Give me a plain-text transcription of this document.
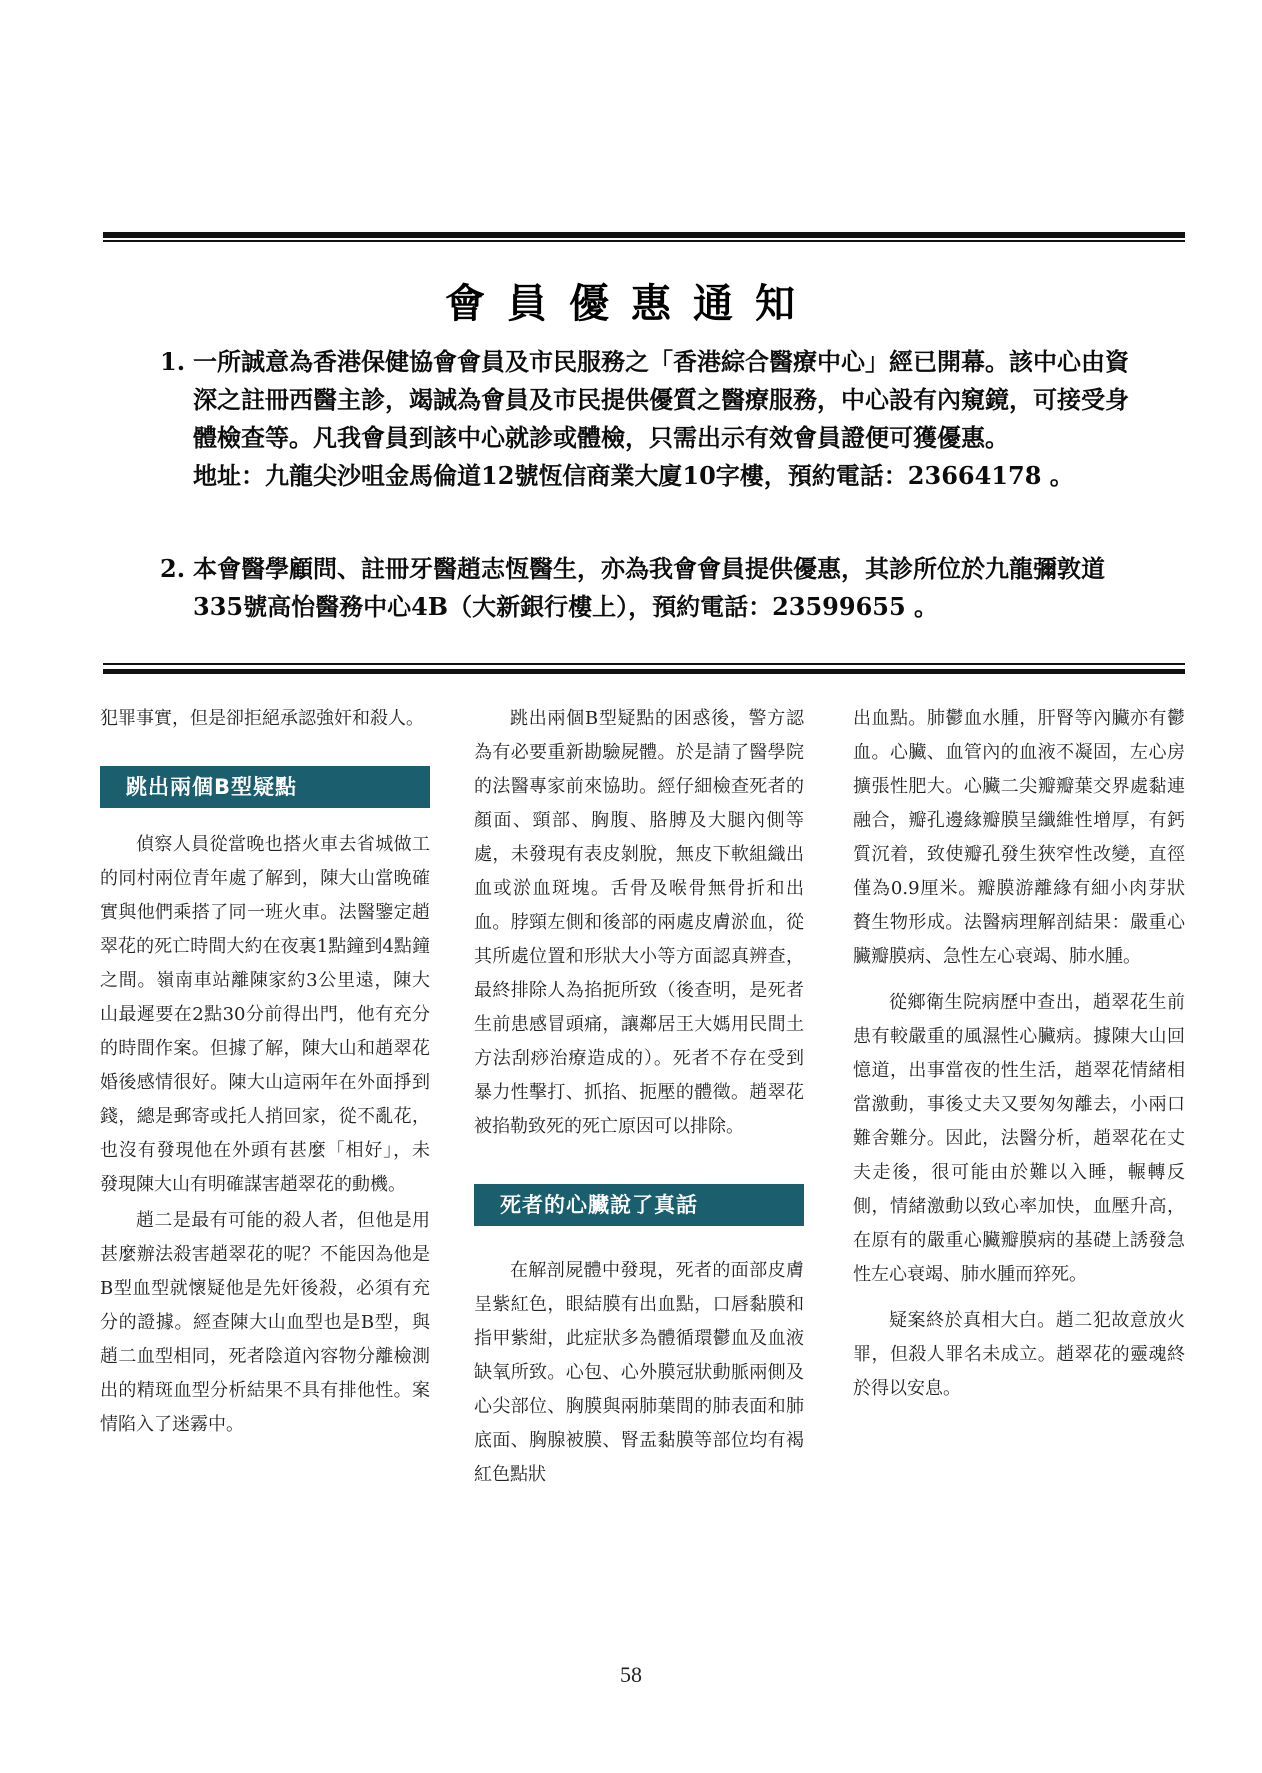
會員優惠通知
1. 一所誠意為香港保健協會會員及市民服務之「香港綜合醫療中心」經已開幕。該中心由資深之註冊西醫主診，竭誠為會員及市民提供優質之醫療服務，中心設有內窺鏡，可接受身體檢查等。凡我會員到該中心就診或體檢，只需出示有效會員證便可獲優惠。
地址：九龍尖沙咀金馬倫道12號恆信商業大廈10字樓，預約電話：23664178 。
2. 本會醫學顧問、註冊牙醫趙志恆醫生，亦為我會會員提供優惠，其診所位於九龍彌敦道335號高怡醫務中心4B（大新銀行樓上），預約電話：23599655 。

犯罪事實，但是卻拒絕承認強奸和殺人。

跳出兩個B型疑點

偵察人員從當晚也搭火車去省城做工的同村兩位青年處了解到，陳大山當晚確實與他們乘搭了同一班火車。法醫鑒定趙翠花的死亡時間大約在夜裏1點鐘到4點鐘之間。嶺南車站離陳家約3公里遠，陳大山最遲要在2點30分前得出門，他有充分的時間作案。但據了解，陳大山和趙翠花婚後感情很好。陳大山這兩年在外面掙到錢，總是郵寄或托人捎回家，從不亂花，也沒有發現他在外頭有甚麼「相好」，未發現陳大山有明確謀害趙翠花的動機。

趙二是最有可能的殺人者，但他是用甚麼辦法殺害趙翠花的呢？不能因為他是B型血型就懷疑他是先奸後殺，必須有充分的證據。經查陳大山血型也是B型，與趙二血型相同，死者陰道內容物分離檢測出的精斑血型分析結果不具有排他性。案情陷入了迷霧中。

跳出兩個B型疑點的困惑後，警方認為有必要重新勘驗屍體。於是請了醫學院的法醫專家前來協助。經仔細檢查死者的顏面、頸部、胸腹、胳膊及大腿內側等處，未發現有表皮剝脫，無皮下軟組織出血或淤血斑塊。舌骨及喉骨無骨折和出血。脖頸左側和後部的兩處皮膚淤血，從其所處位置和形狀大小等方面認真辨查，最終排除人為掐扼所致（後查明，是死者生前患感冒頭痛，讓鄰居王大媽用民間土方法刮痧治療造成的）。死者不存在受到暴力性擊打、抓掐、扼壓的體徵。趙翠花被掐勒致死的死亡原因可以排除。

死者的心臟說了真話

在解剖屍體中發現，死者的面部皮膚呈紫紅色，眼結膜有出血點，口唇黏膜和指甲紫紺，此症狀多為體循環鬱血及血液缺氧所致。心包、心外膜冠狀動脈兩側及心尖部位、胸膜與兩肺葉間的肺表面和肺底面、胸腺被膜、腎盂黏膜等部位均有褐紅色點狀

出血點。肺鬱血水腫，肝腎等內臟亦有鬱血。心臟、血管內的血液不凝固，左心房擴張性肥大。心臟二尖瓣瓣葉交界處黏連融合，瓣孔邊緣瓣膜呈纖維性增厚，有鈣質沉着，致使瓣孔發生狹窄性改變，直徑僅為0.9厘米。瓣膜游離緣有細小肉芽狀贅生物形成。法醫病理解剖結果：嚴重心臟瓣膜病、急性左心衰竭、肺水腫。

從鄉衛生院病歷中查出，趙翠花生前患有較嚴重的風濕性心臟病。據陳大山回憶道，出事當夜的性生活，趙翠花情緒相當激動，事後丈夫又要匆匆離去，小兩口難舍難分。因此，法醫分析，趙翠花在丈夫走後，很可能由於難以入睡，輾轉反側，情緒激動以致心率加快，血壓升高，在原有的嚴重心臟瓣膜病的基礎上誘發急性左心衰竭、肺水腫而猝死。

疑案終於真相大白。趙二犯故意放火罪，但殺人罪名未成立。趙翠花的靈魂終於得以安息。

58
